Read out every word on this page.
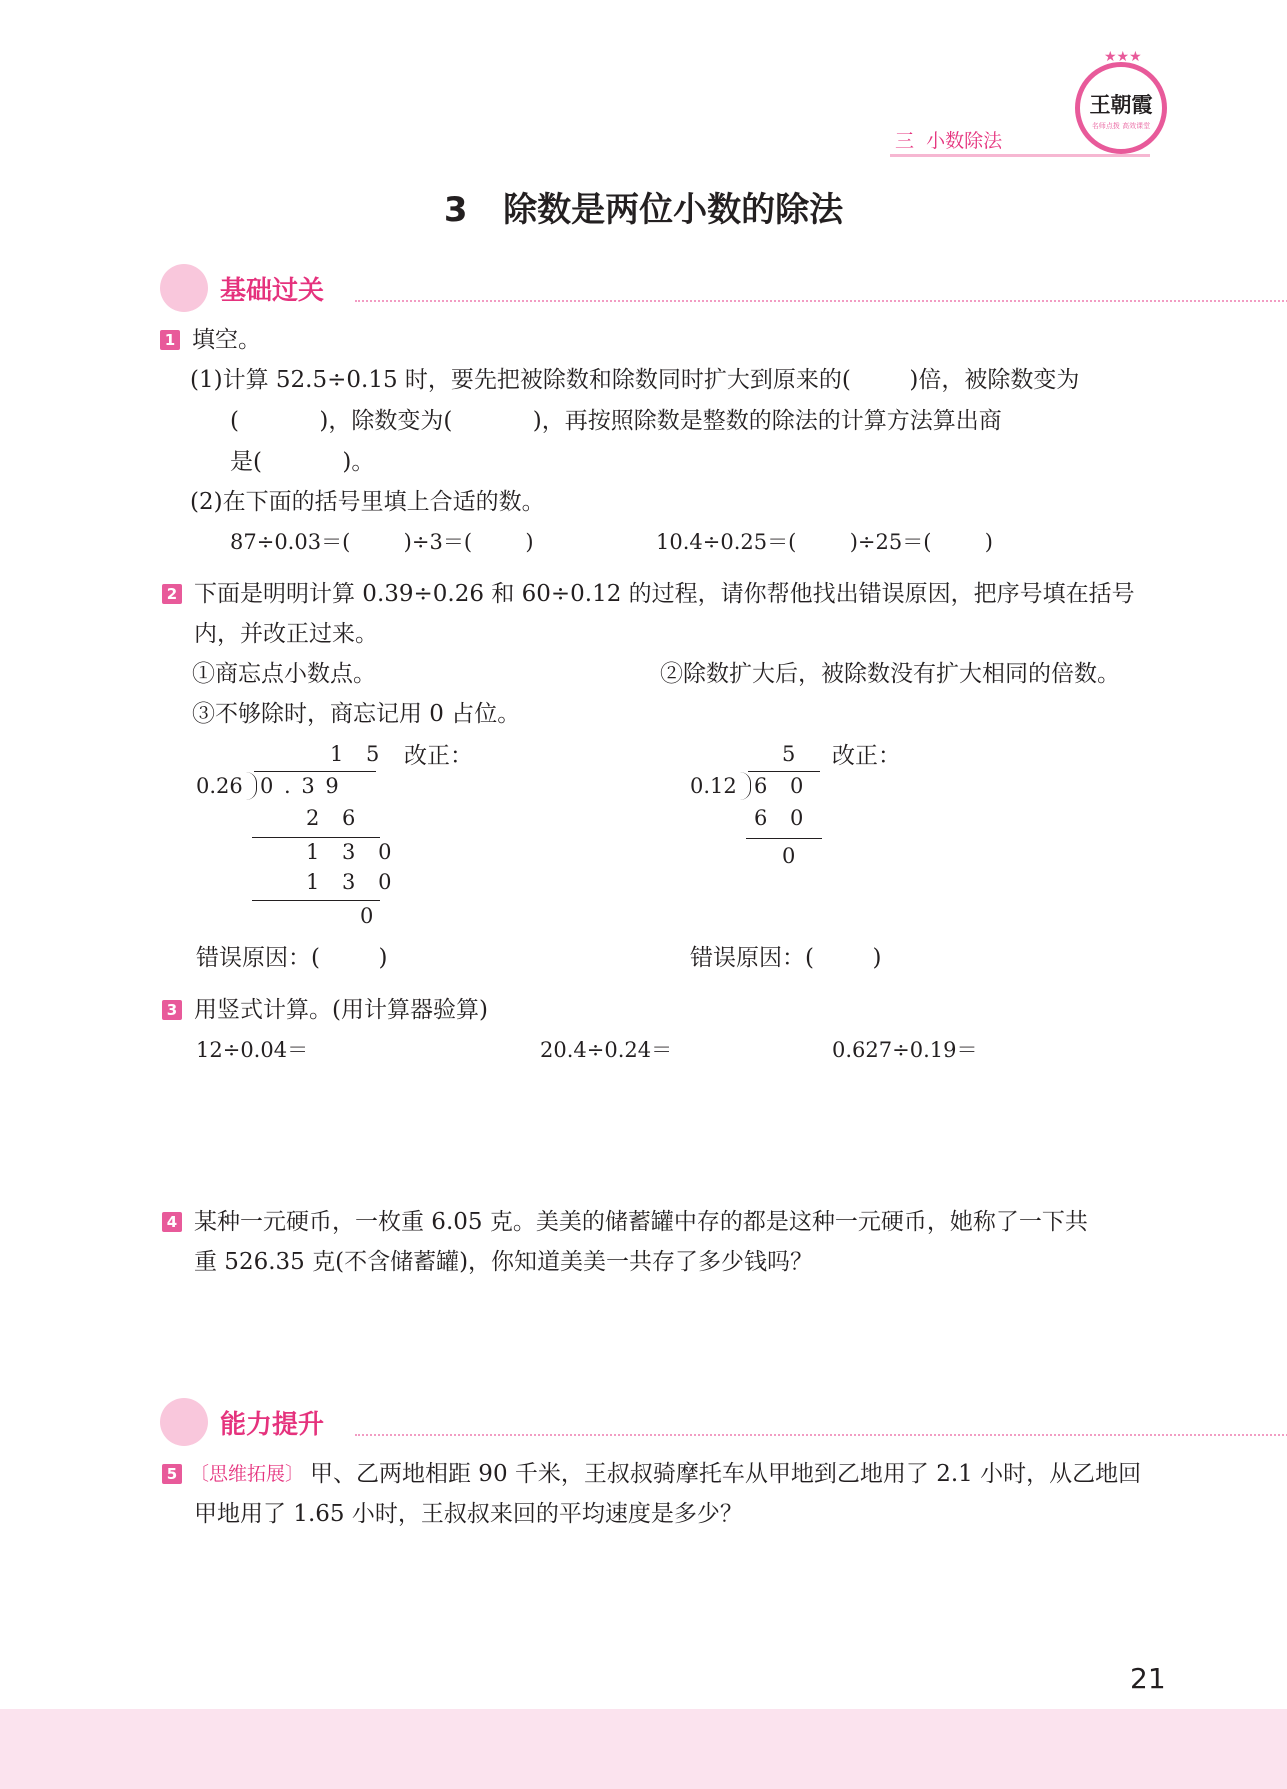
三  小数除法
★★★
王朝霞
名师点拨 高效课堂
3   除数是两位小数的除法
基础过关
1 填空。
(1)计算 52.5÷0.15 时，要先把被除数和除数同时扩大到原来的(        )倍，被除数变为
(           )，除数变为(           )，再按照除数是整数的除法的计算方法算出商
是(           )。
(2)在下面的括号里填上合适的数。
87÷0.03＝(        )÷3＝(        )	10.4÷0.25＝(        )÷25＝(        )
2 下面是明明计算 0.39÷0.26 和 60÷0.12 的过程，请你帮他找出错误原因，把序号填在括号
内，并改正过来。
①商忘点小数点。	②除数扩大后，被除数没有扩大相同的倍数。
③不够除时，商忘记用 0 占位。
1 5
0.26 0 . 3 9
2 6
1 3 0
1 3 0
0
改正：
错误原因：(        )
5
0.12 6 0
6 0
0
改正：
错误原因：(        )
3 用竖式计算。(用计算器验算)
12÷0.04＝	20.4÷0.24＝	0.627÷0.19＝
4 某种一元硬币，一枚重 6.05 克。美美的储蓄罐中存的都是这种一元硬币，她称了一下共
重 526.35 克(不含储蓄罐)，你知道美美一共存了多少钱吗？
能力提升
5 〔思维拓展〕 甲、乙两地相距 90 千米，王叔叔骑摩托车从甲地到乙地用了 2.1 小时，从乙地回
甲地用了 1.65 小时，王叔叔来回的平均速度是多少？
21
